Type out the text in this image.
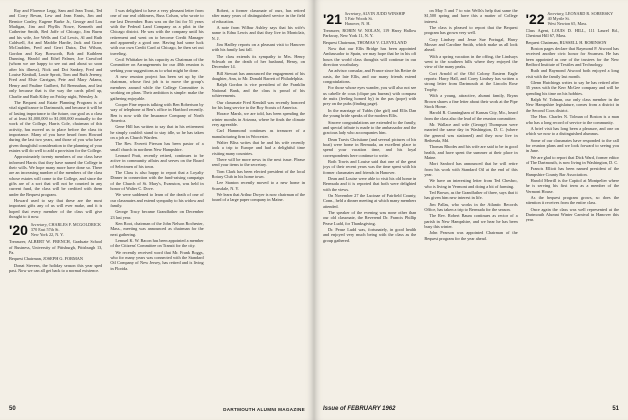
Ray and Florence Legg, Sam and Jean Trout, Ted and Corry Bevan, Lew and Jean Ennis, Jim and Bernice Conley, Eugene Burke Jr., George and Lou Madigan, Jim and Phyllis Nowe, Kenneth and Catherine Smith, Red Jaffe of Chicago, Jim Burns and his wife, Joe Wells and Cal Lewis, Al and Ruth Caldwell, Art and Maddie Hardie, Jack and Grace McCrudden, Fred and Gerri Dutra, Dot Wilson, Gordon and Kay Bosworth, Bob and Kathleen Dunning, Harold and Ethel Palmer, Joe Crawford (whom we are happy to see out and about so soon after his illness), Nick and Dot Sankey, Fred and Louise Kimball, Louie Sprott, Tom and Ruth Jeremy, Fred and Elsie Carrigan, Pete and Mary Adams, Henry and Pauline Guilbert, Ed Brennahan, and last only because that is the way the cards piled up, Charlie and Ruth Kiley on Friday night, Wensley Jr.

The Bequest and Estate Planning Program is of vital significance to Dartmouth, and because it will be of lasting importance to the future, our goal as a class of at least $1,000,000 to $1,000,000 mutually to the work of the College, Harris Cole, chairman of this activity, has moved us to place before the class its importance. Many of you have heard from Howard during the last two years, and those of you who have given thoughtful consideration to the planning of your estates will do well to add a provision for the College.

Approximately twenty members of our class have informed Harris that they have named the College in their wills. We hope many more have done so. There are an increasing number of the members of the class whose estates will come to the College, and since the gifts are of a sort that will not be counted in any current fund, the class will be credited with them under the Bequest program.

Howard used to say that these are the most important gifts any of us will ever make, and it is hoped that every member of the class will give thought to it now.

'20 Secretary, CHARLES F. MCGOLDRICK
370 East 57th St.
New York 22, N. Y.

Treasurer, ALBERT W. FRENCH, Graduate School of Business, University of Pittsburgh, Pittsburgh 13, Pa.

Bequest Chairman, JOSEPH G. FORMAN

Donat Stevens, the holiday season this year sped past. Now we can all get back to a normal existence.

I was delighted to have a very pleasant letter from one of our real oldtimers, Russ Colson, who wrote to me last December. Russ was on the list for 51 years with the Federal Land Company as a pilot in the Chicago district. He was with the company until his retirement and went on to become Credit Manager and apparently a good one. Having had some luck with our own Credit Card at Chicago, he then set out traveling.

Cecil Whittaker in his capacity as Chairman of the Committee on Arrangements for our 40th reunion is seeking your suggestions as to what might be done.

A new reunion project has been set up by the chairman, whose first job is to move the group's members around while the College Committee is working on plans. Their ambition is simple: make the gathering enjoyable.

Cooper Fine reports talking with Ben Robertson by way of telephone at Ben's office in Hartford recently. Ben is now with the Insurance Company of North America.

Gene Hill has written to say that in his retirement he simply couldn't stand to stay idle, so he has taken on a job as Church Warden.

The Rev. Everett Pierson has been pastor of a small church in northern New Hampshire.

Leonard Pratt, recently retired, continues to be active in community affairs and serves on the Board of Selectmen of his town.

The Class is also happy to report that a Loyalty Dinner in connection with the fund-raising campaign of the Church of St. Mary's, Evanston, was held in honor of Walter C. Dove.

We were saddened to learn of the death of one of our classmates and extend sympathy to his widow and family.

George Tracy became Grandfather on December 23 last year.

Ken Root, chairman of the John Nelson Rochester, Mass., meeting was announced as chairman for the next gathering.

Lemuel K. W. Bacon has been appointed a member of the Citizens' Committee on Transit for the city.

We recently received word that Mr. Frank Boggs, who for many years was connected with the Standard Oil Company of New Jersey, has retired and is living in Florida.

Robert, a former classmate of ours, has retired after many years of distinguished service in the field of education.

A note from Wilbur Ashley says that his wife's name is Edna Lewis and that they live in Montclair, N. J.

Jim Hadley reports on a pleasant visit to Hanover with his family last fall.

The class extends its sympathy to Mrs. Henry Schwab on the death of her husband, Henry, on December 14.

Bill Stewart has announced the engagement of his daughter, Ann, to Mr. Donald Barrett of Philadelphia.

Ralph Gordon is vice president of the Franklin National Bank, and the class is proud of his achievements.

Our classmate Fred Kendall was recently honored for his long service to the Boy Scouts of America.

Horace Marsh, we are told, has been spending the winter months in Arizona, where he finds the climate very agreeable.

Carl Hammond continues as treasurer of a manufacturing firm in Worcester.

Walter Bliss writes that he and his wife recently took a trip to Europe and had a delightful time visiting many countries.

There will be more news in the next issue. Please send your items to the secretary.

Tom Clark has been elected president of the local Rotary Club in his home town.

Lee Stanton recently moved to a new home in Scarsdale, N. Y.

We learn that Arthur Dwyer is now chairman of the board of a large paper company in Maine.

50	DARTMOUTH ALUMNI MAGAZINE
'21 Secretary, ALVIN JUDD WINSHIP
5 Fair Woods St.
Hanover, N. H.

Treasurer, ROBIN W. NOLAN, 119 Harry Hallow Parkway, New York 11, N. Y.

Bequest Chairman, THOMAS V. CLEVELAND

Now that our Ellis Bridge has been appointed Ambassador to Spain, we may hope that he in his off hours the world class thoughts will continue in our direction vocabulary.

An advisor consular, and France since his Retire de oasis, the late Ellis, and our many friends extend congratulations.

For those whose eyes wander, you will also not see us cabelle de cous (clique pas bureau) with compass de nuits (feeling homed by) in the pas (pope) with prey on the pubs (finding page).

In the marriage of Tubbs (the girl) and Ellis Dan the young bride speaks of the modern Ellis.

Sincere congratulations are extended to the family, and special tribute is made to the ambassador and the gracious lady who accompanies him.

Dean Travis Christiane (and several pictures of his boat) were home in Bermuda, an excellent place to spend your vacation time, and his loyal correspondents here continue to write.

Both Travis and Louise said that one of the great joys of their recent years was the time spent with his former classmates and friends in Hanover.

Dean and Louise were able to visit his old home in Bermuda and it is reported that both were delighted with the views.

On November 27 the Lucinae of Fairfield County, Conn., held a dinner meeting at which many members attended.

The speaker of the evening was none other than our old classmate, the Reverend Dr. Francis Phillip Pease Ludd, for Thanksgiving.

Dr. Pease Ludd was, fortunately, in good health and enjoyed very much being with the class as the group gathered.

on May 5 and 7 to win Wells's help that same the $1,500 spring and have this a matter of College interest.

The class is pleased to report that the Bequest program has grown very well.

Cory Lindsey and Jesse Sue Portugal, Harry Mosser and Caroline Smith, which make us all look ahead.

With a spring vacation in the offing, the Lindsays went to the southern hills where they enjoyed the view of the many peaks.

Cort Arnold of the Old Colony Eastern Eagle reports: Harry Hall, and Corey Lindsey has written a strong letter from Dartmouth at the Lincoln Rose Trophy.

With a young, attractive, alumni family, Bryan Brown shares a fine letter about their work at the Pipe Stock Home.

Harold R. Cunningham of Kansas City, Mo., heard from the class also the lead of the reunion committee.

Mr. Wallace and wife (George) Thompson were married the same day in Washington, D. C. (where the general was stationed) and they now live in Bethesda, Md.

Thomas Rhodes and his wife are said to be in good health, and have spent the summer at their place in Maine.

Mort Sanford has announced that he will retire from his work with Standard Oil at the end of this year.

We have an interesting letter from Ted Chesbro, who is living in Vermont and doing a bit of farming.

Ted Brown, as the Grandfather of three, says that it has given him new interest in life.

Jim Pallas, who works in the Atlantic Records Office, has taken a trip to Bermuda for the season.

The Rev. Robert Baum continues as rector of a parish in New Hampshire, and we hear he has been busy this winter.

John Pearson was appointed Chairman of the Bequest program for the year ahead.

'22 Secretary, LEONARD R. SOBERSKY
40 Myrtle St.
West Newton 65, Mass.

Class Agent, LOUIS D. HILL, 111 Laurel Rd., Chestnut Hill 67, Mass.

Bequest Chairman, RUSSELL H. ROBINSON

Boston pages declare that Raymond P. Atwood has received another civic honor for Swansea. He has been appointed as one of the trustees for the New Bedford Institute of Textiles and Technology.

Ruth and Raymond Atwood both enjoyed a long visit with the family last month.

Glenn Hutchings writes to say he has retired after 35 years with the Kerr McGee company and will be spending his time on his hobbies.

Ralph W. Tolman, our only class member in the New Hampshire legislature, comes from a district in the Second Coos district.

The Hon. Charles N. Tolman of Boston is a man who has a long record of service to the community.

A brief visit has long been a pleasure, and one on which we now to a distinguished alumnus.

Some of our classmates have responded to the call for reunion plans and we look forward to seeing you in June.

We are glad to report that Dick Ward, former editor of The Dartmouth, is now living in Washington, D. C.

Francis Elliott has been named president of the Hampshire County Bar Association.

Harold Merrill is the Capitol at Montpelier where he is serving his first term as a member of the Vermont House.

As the bequest program grows, so does the attention it receives from the entire class.

Once again the class was well represented at the Dartmouth Alumni Winter Carnival in Hanover this year.

Issue of FEBRUARY 1962	51
